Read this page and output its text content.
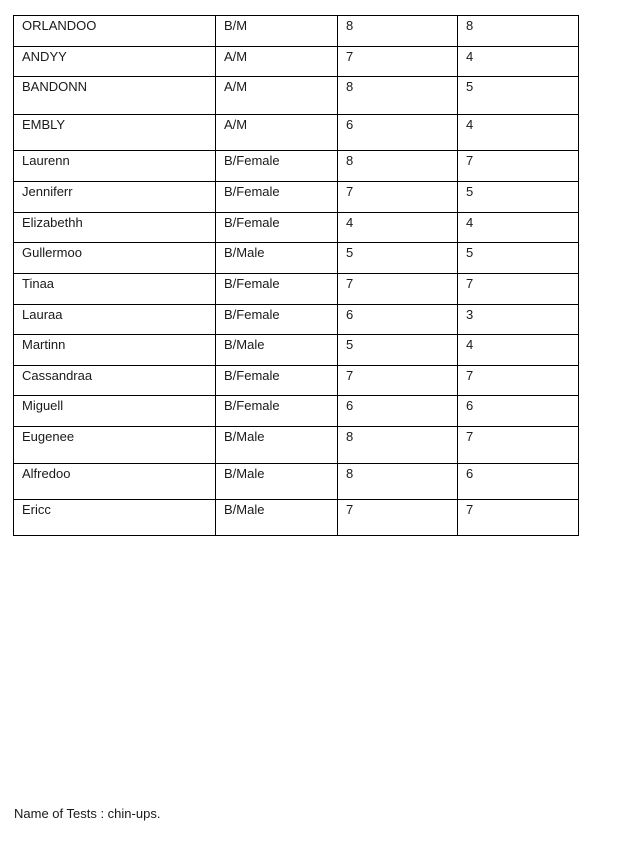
ORLANDOO	B/M	8	8
ANDYY	A/M	7	4
BANDONN	A/M	8	5
EMBLY	A/M	6	4
Laurenn	B/Female	8	7
Jenniferr	B/Female	7	5
Elizabethh	B/Female	4	4
Gullermoo	B/Male	5	5
Tinaa	B/Female	7	7
Lauraa	B/Female	6	3
Martinn	B/Male	5	4
Cassandraa	B/Female	7	7
Miguell	B/Female	6	6
Eugenee	B/Male	8	7
Alfredoo	B/Male	8	6
Ericc	B/Male	7	7
Name of Tests : chin-ups.
